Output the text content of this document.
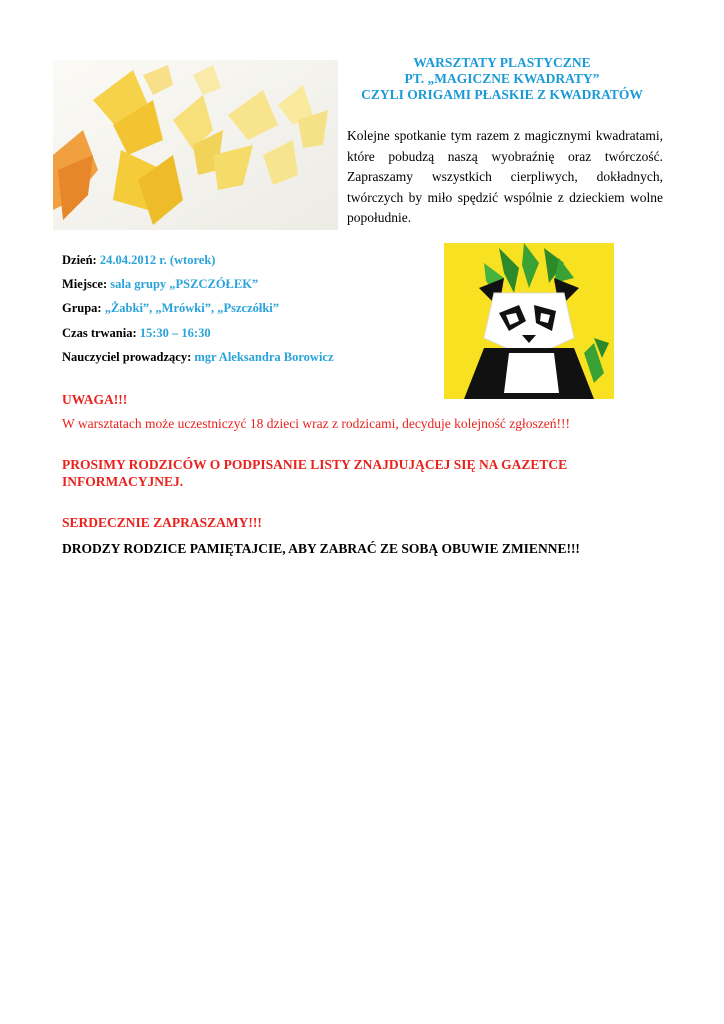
WARSZTATY PLASTYCZNE
PT. „MAGICZNE KWADRATY”
CZYLI ORIGAMI PŁASKIE Z KWADRATÓW
Kolejne spotkanie tym razem z magicznymi kwadratami, które pobudzą naszą wyobraźnię oraz twórczość. Zapraszamy wszystkich cierpliwych, dokładnych, twórczych by miło spędzić wspólnie z dzieckiem wolne popołudnie.
Dzień: 24.04.2012 r. (wtorek)
Miejsce: sala grupy „PSZCZÓŁEK”
Grupa: „Żabki”, „Mrówki”, „Pszczółki”
Czas trwania: 15:30 – 16:30
Nauczyciel prowadzący: mgr Aleksandra Borowicz
UWAGA!!!
W warsztatach może uczestniczyć 18 dzieci wraz z rodzicami, decyduje kolejność zgłoszeń!!!
PROSIMY RODZICÓW O PODPISANIE LISTY ZNAJDUJĄCEJ SIĘ NA GAZETCE INFORMACYJNEJ.
SERDECZNIE ZAPRASZAMY!!!
DRODZY RODZICE PAMIĘTAJCIE, ABY ZABRAĆ ZE SOBĄ OBUWIE ZMIENNE!!!
